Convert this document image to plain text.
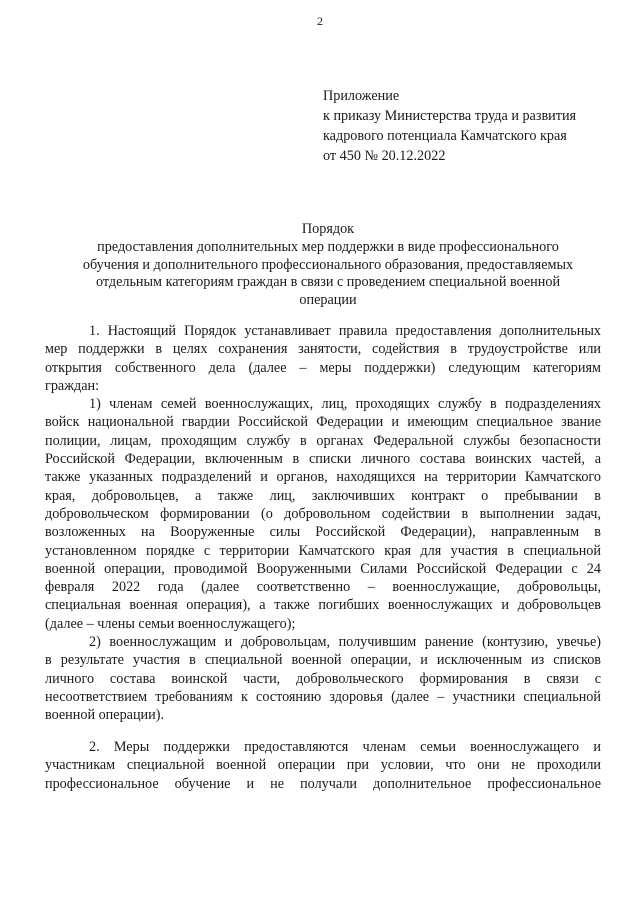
2
Приложение
к приказу Министерства труда и развития
кадрового потенциала Камчатского края
от 450 № 20.12.2022
Порядок
предоставления дополнительных мер поддержки в виде профессионального
обучения и дополнительного профессионального образования, предоставляемых
отдельным категориям граждан в связи с проведением специальной военной
операции
1. Настоящий Порядок устанавливает правила предоставления дополнительных
мер поддержки в целях сохранения занятости, содействия в трудоустройстве или
открытия собственного дела (далее – меры поддержки) следующим категориям
граждан:
1) членам семей военнослужащих, лиц, проходящих службу в подразделениях
войск национальной гвардии Российской Федерации и имеющим специальное звание
полиции, лицам, проходящим службу в органах Федеральной службы безопасности
Российской Федерации, включенным в списки личного состава воинских частей, а
также указанных подразделений и органов, находящихся на территории Камчатского
края, добровольцев, а также лиц, заключивших контракт о пребывании в
добровольческом формировании (о добровольном содействии в выполнении задач,
возложенных на Вооруженные силы Российской Федерации), направленным в
установленном порядке с территории Камчатского края для участия в специальной
военной операции, проводимой Вооруженными Силами Российской Федерации с 24
февраля 2022 года (далее соответственно – военнослужащие, добровольцы,
специальная военная операция), а также погибших военнослужащих и добровольцев
(далее – члены семьи военнослужащего);
2) военнослужащим и добровольцам, получившим ранение (контузию, увечье)
в результате участия в специальной военной операции, и исключенным из списков
личного состава воинской части, добровольческого формирования в связи с
несоответствием требованиям к состоянию здоровья (далее – участники специальной
военной операции).
2. Меры поддержки предоставляются членам семьи военнослужащего и
участникам специальной военной операции при условии, что они не проходили
профессиональное обучение и не получали дополнительное профессиональное
